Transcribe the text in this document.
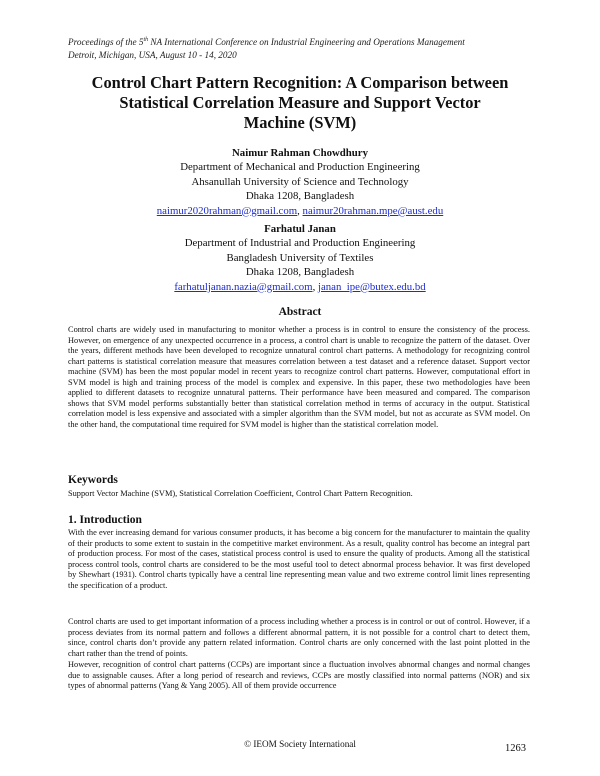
Proceedings of the 5th NA International Conference on Industrial Engineering and Operations Management
Detroit, Michigan, USA, August 10 - 14, 2020
Control Chart Pattern Recognition: A Comparison between
Statistical Correlation Measure and Support Vector
Machine (SVM)
Naimur Rahman Chowdhury
Department of Mechanical and Production Engineering
Ahsanullah University of Science and Technology
Dhaka 1208, Bangladesh
naimur2020rahman@gmail.com, naimur20rahman.mpe@aust.edu
Farhatul Janan
Department of Industrial and Production Engineering
Bangladesh University of Textiles
Dhaka 1208, Bangladesh
farhatuljanan.nazia@gmail.com, janan_ipe@butex.edu.bd
Abstract

Control charts are widely used in manufacturing to monitor whether a process is in control to ensure the consistency of the process. However, on emergence of any unexpected occurrence in a process, a control chart is unable to recognize the pattern of the dataset. Over the years, different methods have been developed to recognize unnatural control chart patterns. A methodology for recognizing control chart patterns is statistical correlation measure that measures correlation between a test dataset and a reference dataset. Support vector machine (SVM) has been the most popular model in recent years to recognize control chart patterns. However, computational effort in SVM model is high and training process of the model is complex and expensive. In this paper, these two methodologies have been applied to different datasets to recognize unnatural patterns. Their performance have been measured and compared. The comparison shows that SVM model performs substantially better than statistical correlation method in terms of accuracy in the output. Statistical correlation model is less expensive and associated with a simpler algorithm than the SVM model, but not as accurate as SVM model. On the other hand, the computational time required for SVM model is higher than the statistical correlation model.

Keywords

Support Vector Machine (SVM), Statistical Correlation Coefficient, Control Chart Pattern Recognition.

1. Introduction

With the ever increasing demand for various consumer products, it has become a big concern for the manufacturer to maintain the quality of their products to some extent to sustain in the competitive market environment. As a result, quality control has become an integral part of production process. For most of the cases, statistical process control is used to ensure the quality of products. Among all the statistical process control tools, control charts are considered to be the most useful tool to detect abnormal process behavior. It was first developed by Shewhart (1931). Control charts typically have a central line representing mean value and two extreme control limit lines representing the specification of a product.

Control charts are used to get important information of a process including whether a process is in control or out of control. However, if a process deviates from its normal pattern and follows a different abnormal pattern, it is not possible for a control chart to detect them, since, control charts don’t provide any pattern related information. Control charts are only concerned with the last point plotted in the chart rather than the trend of points.

However, recognition of control chart patterns (CCPs) are important since a fluctuation involves abnormal changes and normal changes due to assignable causes. After a long period of research and reviews, CCPs are mostly classified into normal patterns (NOR) and six types of abnormal patterns (Yang & Yang 2005). All of them provide occurrence

© IEOM Society International	1263
